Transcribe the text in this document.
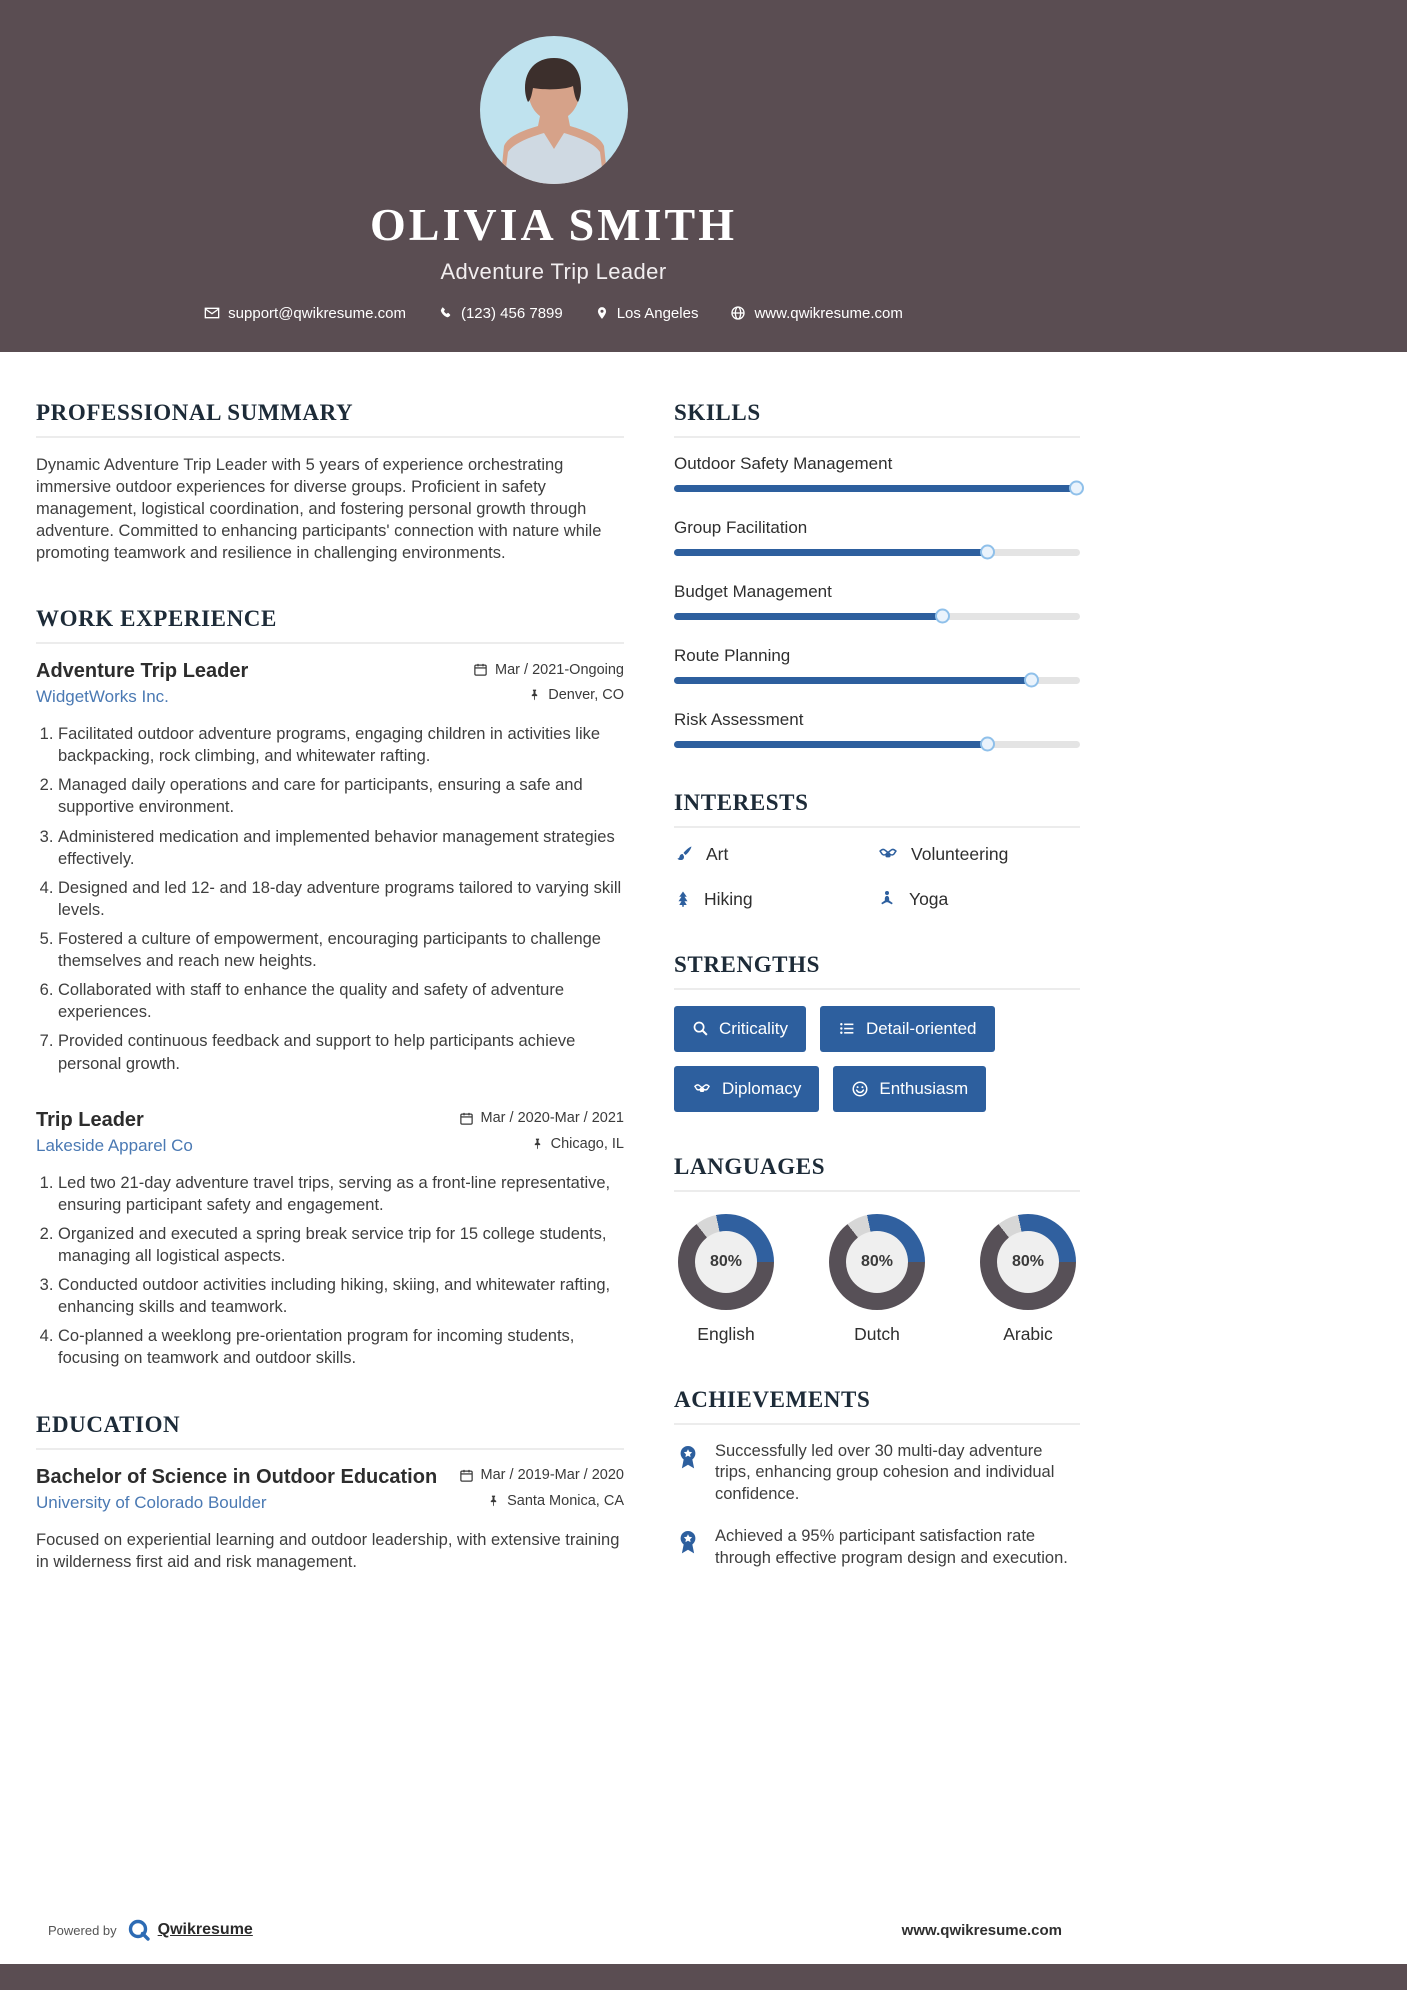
OLIVIA SMITH
Adventure Trip Leader
support@qwikresume.com	(123) 456 7899	Los Angeles	www.qwikresume.com
PROFESSIONAL SUMMARY

Dynamic Adventure Trip Leader with 5 years of experience orchestrating immersive outdoor experiences for diverse groups. Proficient in safety management, logistical coordination, and fostering personal growth through adventure. Committed to enhancing participants' connection with nature while promoting teamwork and resilience in challenging environments.

WORK EXPERIENCE
Adventure Trip Leader	Mar / 2021-Ongoing
WidgetWorks Inc.	Denver, CO
1. Facilitated outdoor adventure programs, engaging children in activities like backpacking, rock climbing, and whitewater rafting.
2. Managed daily operations and care for participants, ensuring a safe and supportive environment.
3. Administered medication and implemented behavior management strategies effectively.
4. Designed and led 12- and 18-day adventure programs tailored to varying skill levels.
5. Fostered a culture of empowerment, encouraging participants to challenge themselves and reach new heights.
6. Collaborated with staff to enhance the quality and safety of adventure experiences.
7. Provided continuous feedback and support to help participants achieve personal growth.
Trip Leader	Mar / 2020-Mar / 2021
Lakeside Apparel Co	Chicago, IL
1. Led two 21-day adventure travel trips, serving as a front-line representative, ensuring participant safety and engagement.
2. Organized and executed a spring break service trip for 15 college students, managing all logistical aspects.
3. Conducted outdoor activities including hiking, skiing, and whitewater rafting, enhancing skills and teamwork.
4. Co-planned a weeklong pre-orientation program for incoming students, focusing on teamwork and outdoor skills.
EDUCATION
Bachelor of Science in Outdoor Education	Mar / 2019-Mar / 2020
University of Colorado Boulder	Santa Monica, CA

Focused on experiential learning and outdoor leadership, with extensive training in wilderness first aid and risk management.

SKILLS
Outdoor Safety Management
Group Facilitation
Budget Management
Route Planning
Risk Assessment
INTERESTS
Art	Volunteering
Hiking	Yoga
STRENGTHS
Criticality	Detail-oriented
Diplomacy	Enthusiasm
LANGUAGES
80%
English
80%
Dutch
80%
Arabic
ACHIEVEMENTS

Successfully led over 30 multi-day adventure trips, enhancing group cohesion and individual confidence.

Achieved a 95% participant satisfaction rate through effective program design and execution.

Powered by	Qwikresume	www.qwikresume.com
